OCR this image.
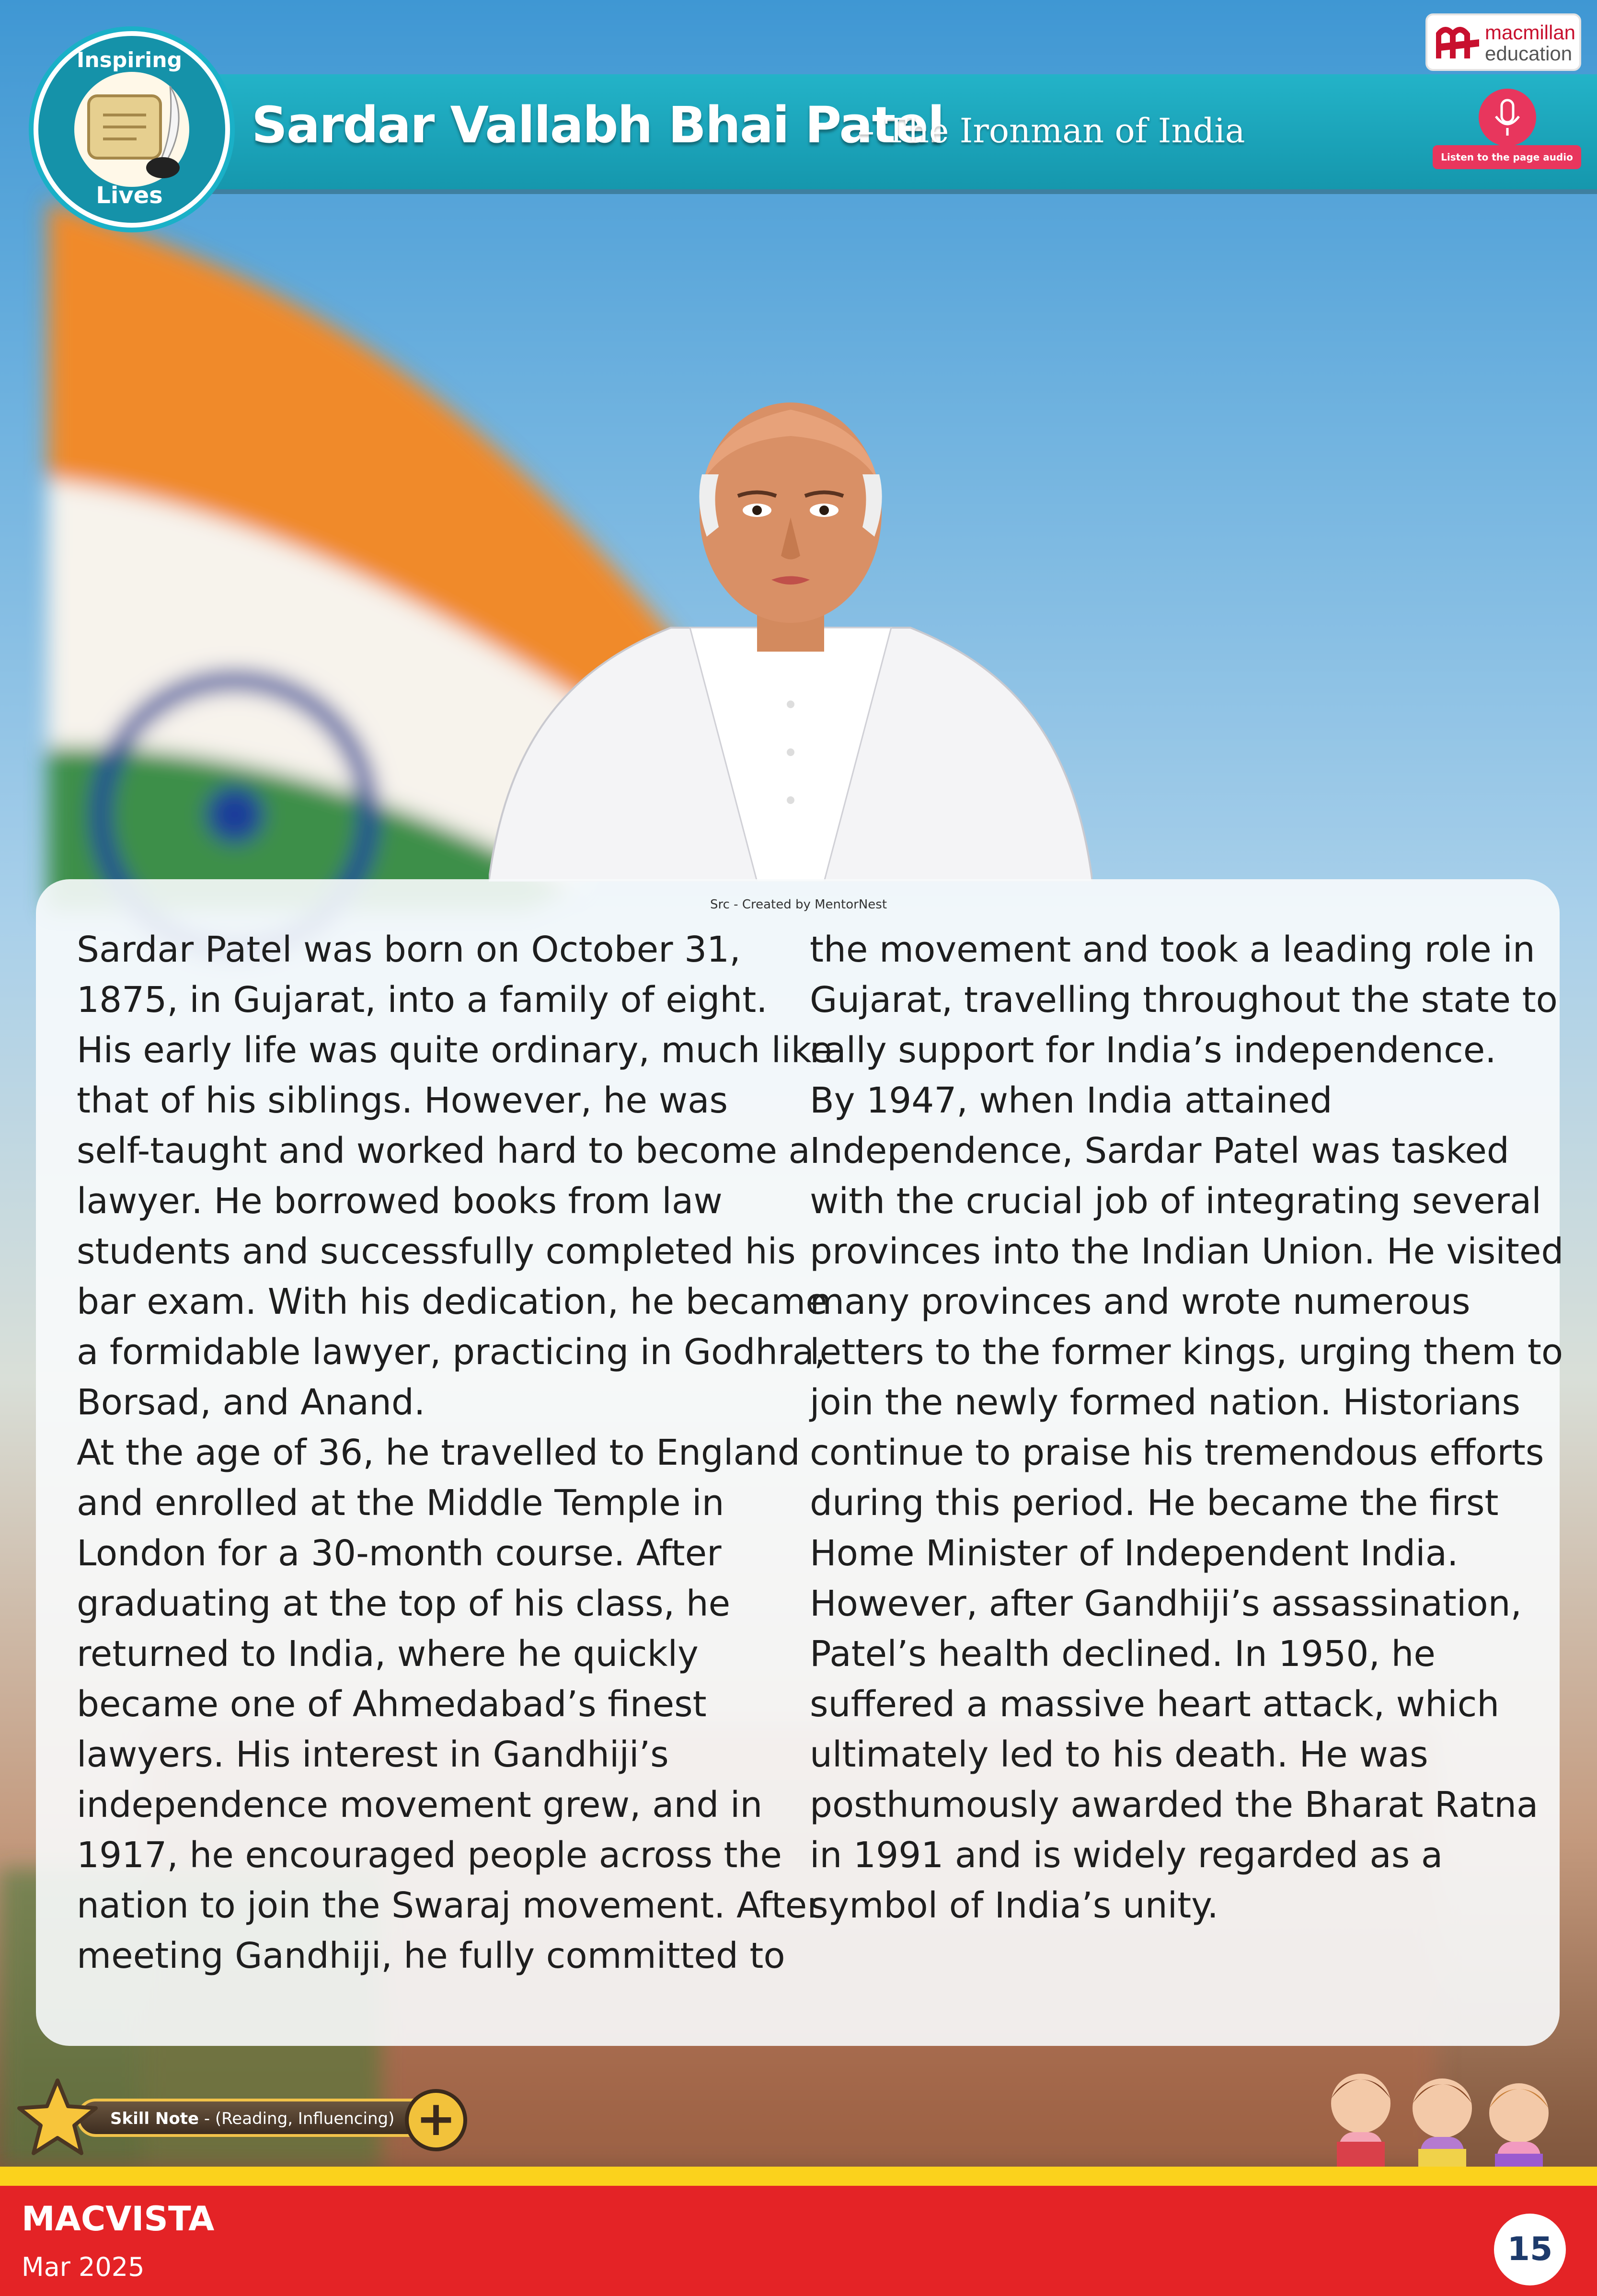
Sardar Vallabh Bhai Patel
– The Ironman of India
Inspiring
Lives
macmillan
education
Listen to the page audio
Src - Created by MentorNest
Sardar Patel was born on October 31,
1875, in Gujarat, into a family of eight.
His early life was quite ordinary, much like
that of his siblings. However, he was
self-taught and worked hard to become a
lawyer. He borrowed books from law
students and successfully completed his
bar exam. With his dedication, he became
a formidable lawyer, practicing in Godhra,
Borsad, and Anand.
At the age of 36, he travelled to England
and enrolled at the Middle Temple in
London for a 30-month course. After
graduating at the top of his class, he
returned to India, where he quickly
became one of Ahmedabad’s finest
lawyers. His interest in Gandhiji’s
independence movement grew, and in
1917, he encouraged people across the
nation to join the Swaraj movement. After
meeting Gandhiji, he fully committed to
the movement and took a leading role in
Gujarat, travelling throughout the state to
rally support for India’s independence.
By 1947, when India attained
Independence, Sardar Patel was tasked
with the crucial job of integrating several
provinces into the Indian Union. He visited
many provinces and wrote numerous
letters to the former kings, urging them to
join the newly formed nation. Historians
continue to praise his tremendous efforts
during this period. He became the first
Home Minister of Independent India.
However, after Gandhiji’s assassination,
Patel’s health declined. In 1950, he
suffered a massive heart attack, which
ultimately led to his death. He was
posthumously awarded the Bharat Ratna
in 1991 and is widely regarded as a
symbol of India’s unity.
Skill Note - (Reading, Influencing) +
MACVISTA
Mar 2025	15
